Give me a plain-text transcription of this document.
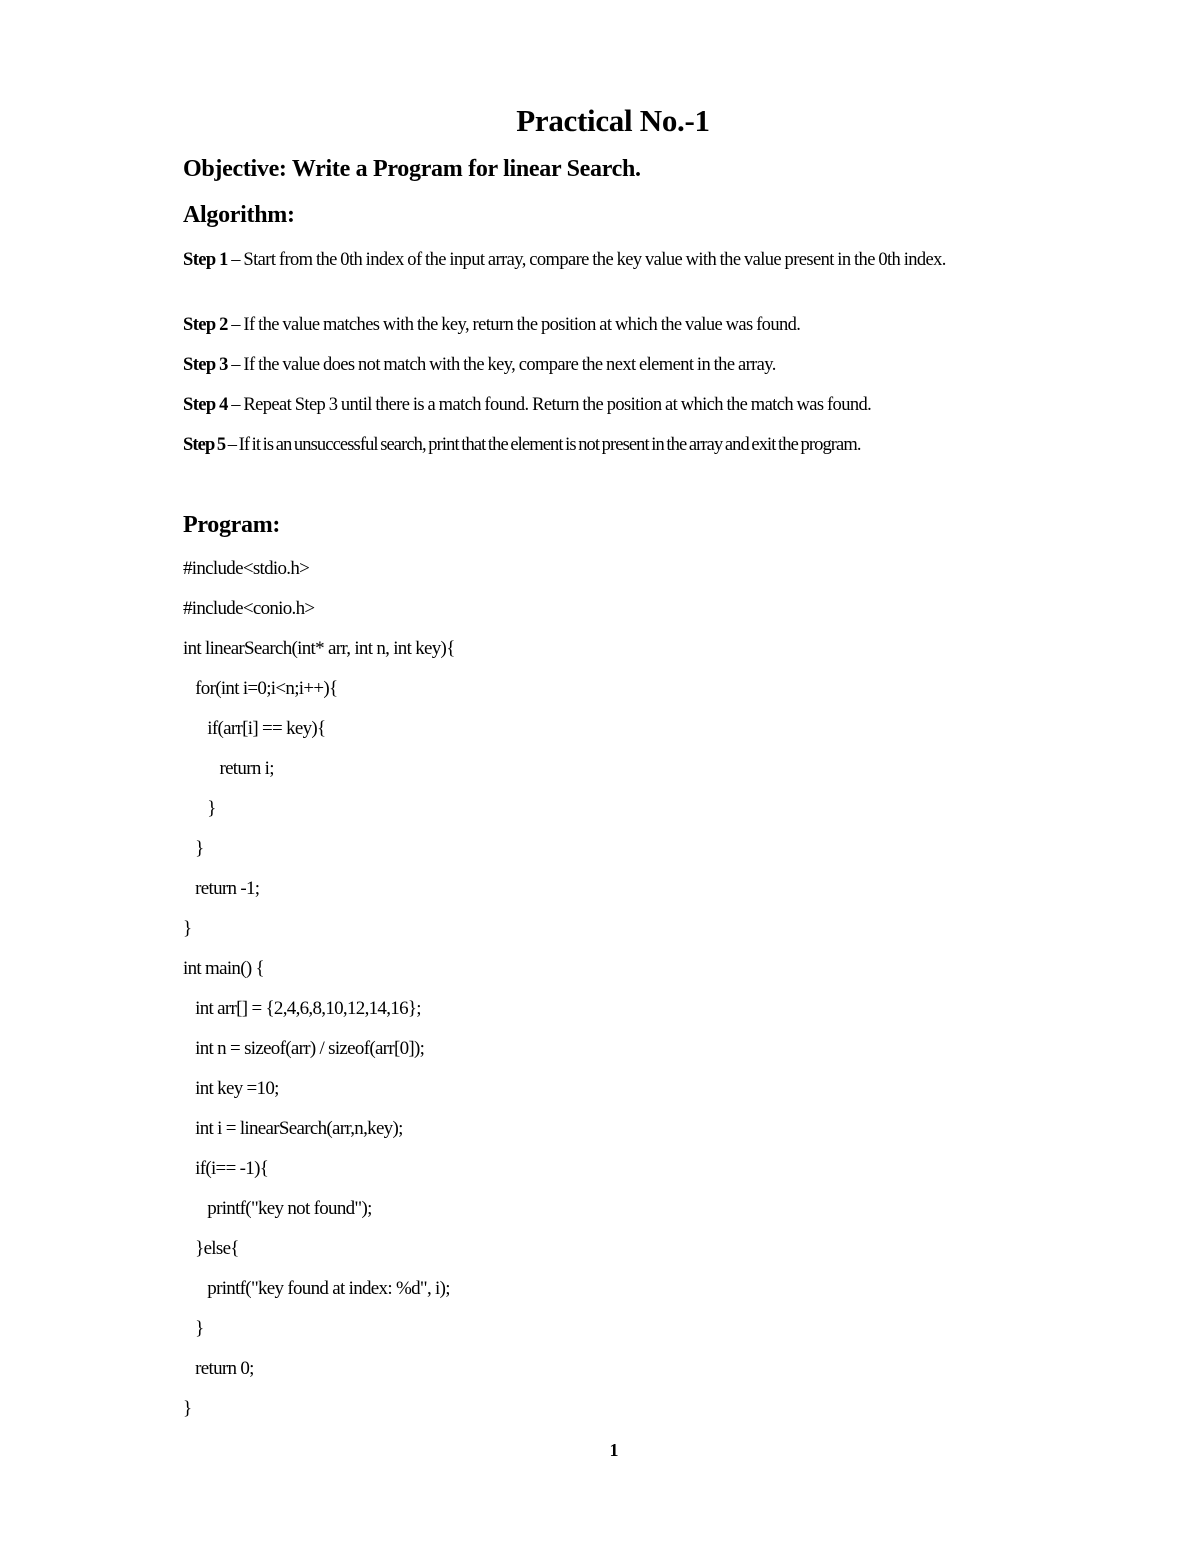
Practical No.-1
Objective: Write a Program for linear Search.
Algorithm:
Step 1 – Start from the 0th index of the input array, compare the key value with the value present in the 0th index.
Step 2 – If the value matches with the key, return the position at which the value was found.
Step 3 – If the value does not match with the key, compare the next element in the array.
Step 4 – Repeat Step 3 until there is a match found. Return the position at which the match was found.
Step 5 – If it is an unsuccessful search, print that the element is not present in the array and exit the program.
Program:
#include<stdio.h>
#include<conio.h>
int linearSearch(int* arr, int n, int key){
for(int i=0;i<n;i++){
if(arr[i] == key){
return i;
}
}
return -1;
}
int main() {
int arr[] = {2,4,6,8,10,12,14,16};
int n = sizeof(arr) / sizeof(arr[0]);
int key =10;
int i = linearSearch(arr,n,key);
if(i== -1){
printf("key not found");
}else{
printf("key found at index: %d", i);
}
return 0;
}
1
